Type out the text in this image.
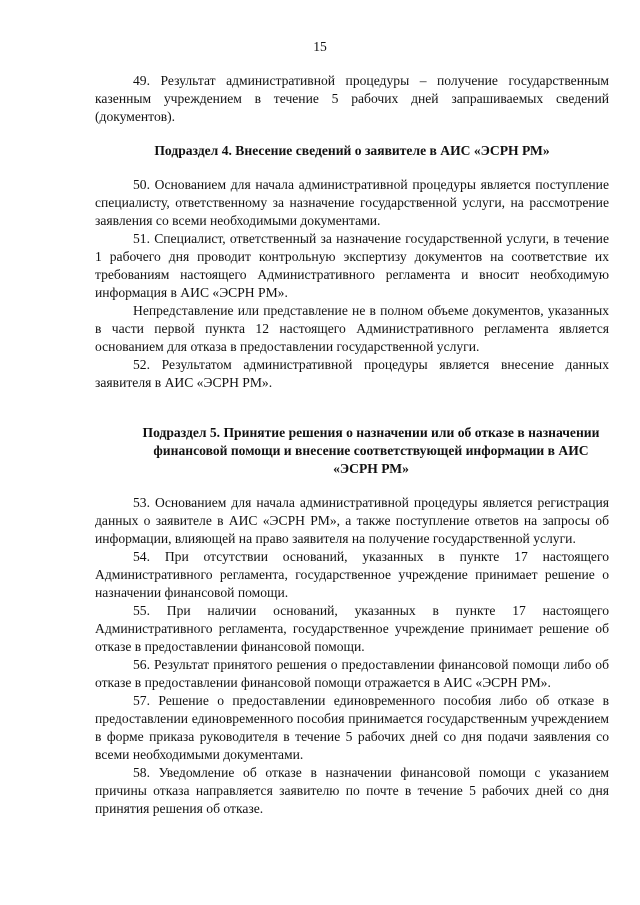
15

49. Результат административной процедуры – получение государственным казенным учреждением в течение 5 рабочих дней запрашиваемых сведений (документов).

Подраздел 4. Внесение сведений о заявителе в АИС «ЭСРН РМ»

50. Основанием для начала административной процедуры является поступление специалисту, ответственному за назначение государственной услуги, на рассмотрение заявления со всеми необходимыми документами.

51. Специалист, ответственный за назначение государственной услуги, в течение 1 рабочего дня проводит контрольную экспертизу документов на соответствие их требованиям настоящего Административного регламента и вносит необходимую информация в АИС «ЭСРН РМ».

Непредставление или представление не в полном объеме документов, указанных в части первой пункта 12 настоящего Административного регламента является основанием для отказа в предоставлении государственной услуги.

52. Результатом административной процедуры является внесение данных заявителя в АИС «ЭСРН РМ».

Подраздел 5. Принятие решения о назначении или об отказе в назначении финансовой помощи и внесение соответствующей информации в АИС «ЭСРН РМ»

53. Основанием для начала административной процедуры является регистрация данных о заявителе в АИС «ЭСРН РМ», а также поступление ответов на запросы об информации, влияющей на право заявителя на получение государственной услуги.

54. При отсутствии оснований, указанных в пункте 17 настоящего Административного регламента, государственное учреждение принимает решение о назначении финансовой помощи.

55. При наличии оснований, указанных в пункте 17 настоящего Административного регламента, государственное учреждение принимает решение об отказе в предоставлении финансовой помощи.

56. Результат принятого решения о предоставлении финансовой помощи либо об отказе в предоставлении финансовой помощи отражается в АИС «ЭСРН РМ».

57. Решение о предоставлении единовременного пособия либо об отказе в предоставлении единовременного пособия принимается государственным учреждением в форме приказа руководителя в течение 5 рабочих дней со дня подачи заявления со всеми необходимыми документами.

58. Уведомление об отказе в назначении финансовой помощи с указанием причины отказа направляется заявителю по почте в течение 5 рабочих дней со дня принятия решения об отказе.
